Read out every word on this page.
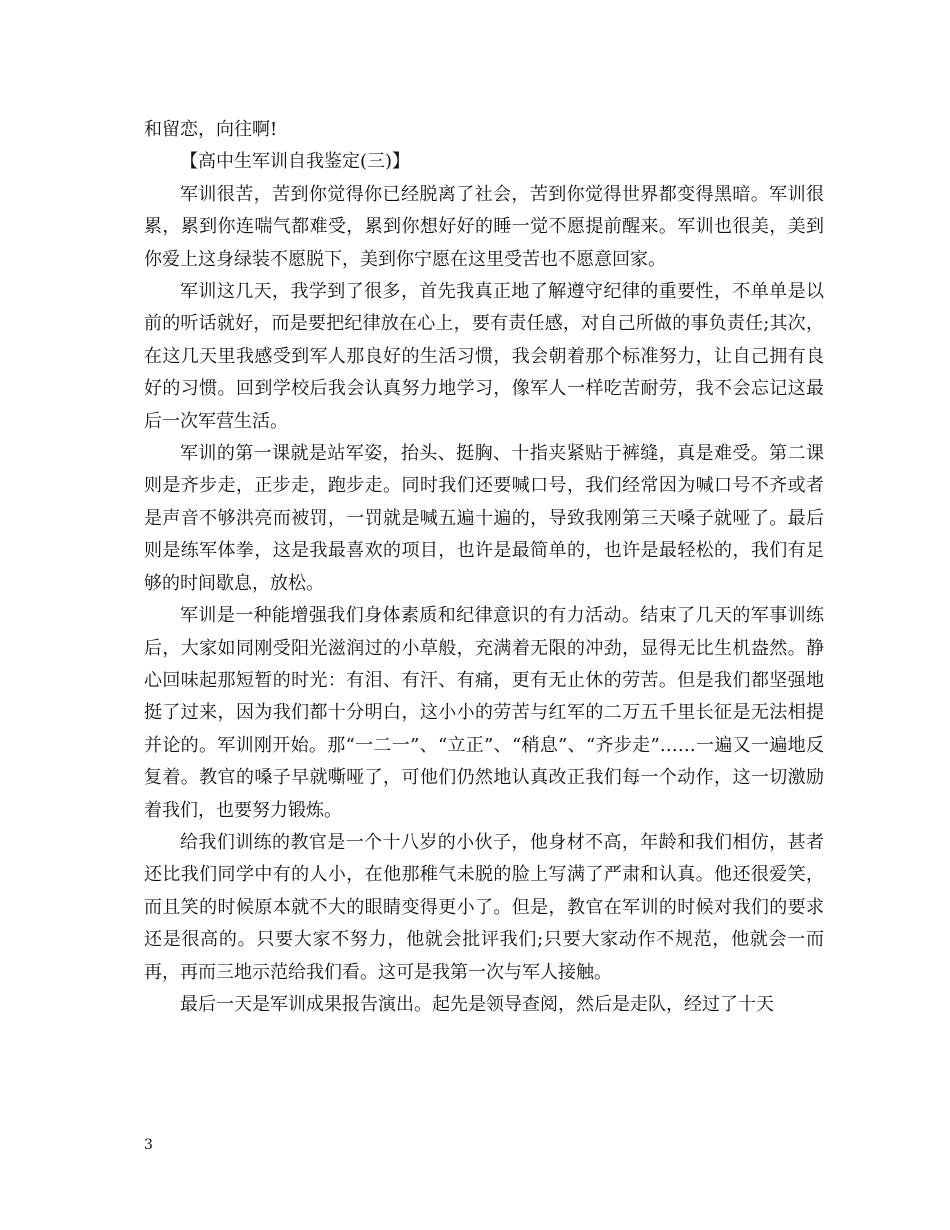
和留恋，向往啊!

【高中生军训自我鉴定(三)】

军训很苦，苦到你觉得你已经脱离了社会，苦到你觉得世界都变得黑暗。军训很累，累到你连喘气都难受，累到你想好好的睡一觉不愿提前醒来。军训也很美，美到你爱上这身绿装不愿脱下，美到你宁愿在这里受苦也不愿意回家。

军训这几天，我学到了很多，首先我真正地了解遵守纪律的重要性，不单单是以前的听话就好，而是要把纪律放在心上，要有责任感，对自己所做的事负责任;其次，在这几天里我感受到军人那良好的生活习惯，我会朝着那个标准努力，让自己拥有良好的习惯。回到学校后我会认真努力地学习，像军人一样吃苦耐劳，我不会忘记这最后一次军营生活。

军训的第一课就是站军姿，抬头、挺胸、十指夹紧贴于裤缝，真是难受。第二课则是齐步走，正步走，跑步走。同时我们还要喊口号，我们经常因为喊口号不齐或者是声音不够洪亮而被罚，一罚就是喊五遍十遍的，导致我刚第三天嗓子就哑了。最后则是练军体拳，这是我最喜欢的项目，也许是最简单的，也许是最轻松的，我们有足够的时间歇息，放松。

军训是一种能增强我们身体素质和纪律意识的有力活动。结束了几天的军事训练后，大家如同刚受阳光滋润过的小草般，充满着无限的冲劲，显得无比生机盎然。静心回味起那短暂的时光：有泪、有汗、有痛，更有无止休的劳苦。但是我们都坚强地挺了过来，因为我们都十分明白，这小小的劳苦与红军的二万五千里长征是无法相提并论的。军训刚开始。那“一二一”、“立正”、“稍息”、“齐步走”……一遍又一遍地反复着。教官的嗓子早就嘶哑了，可他们仍然地认真改正我们每一个动作，这一切激励着我们，也要努力锻炼。

给我们训练的教官是一个十八岁的小伙子，他身材不高，年龄和我们相仿，甚者还比我们同学中有的人小，在他那稚气未脱的脸上写满了严肃和认真。他还很爱笑，而且笑的时候原本就不大的眼睛变得更小了。但是，教官在军训的时候对我们的要求还是很高的。只要大家不努力，他就会批评我们;只要大家动作不规范，他就会一而再，再而三地示范给我们看。这可是我第一次与军人接触。

最后一天是军训成果报告演出。起先是领导查阅，然后是走队，经过了十天

3
